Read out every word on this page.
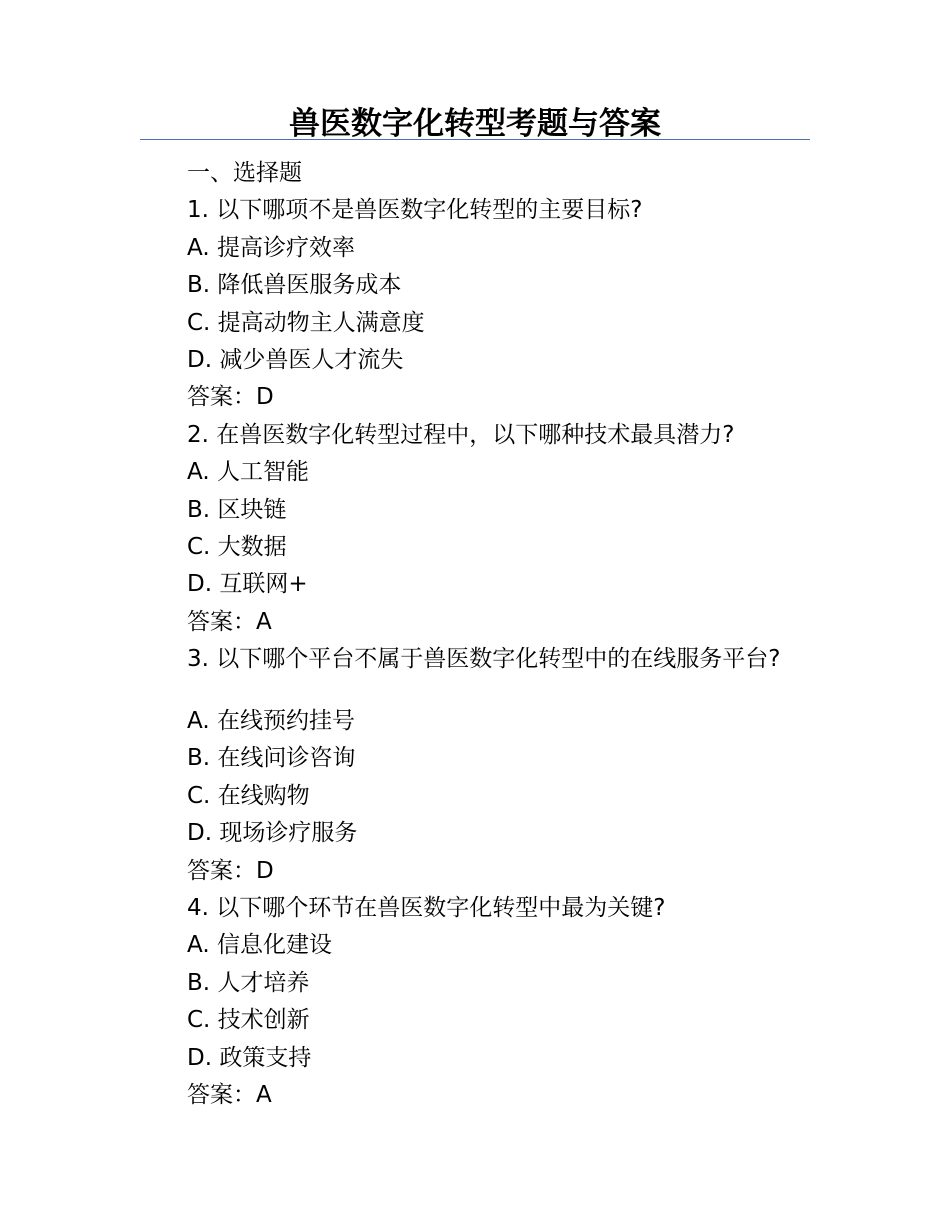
兽医数字化转型考题与答案
一、选择题
1. 以下哪项不是兽医数字化转型的主要目标?
A. 提高诊疗效率
B. 降低兽医服务成本
C. 提高动物主人满意度
D. 减少兽医人才流失
答案：D
2. 在兽医数字化转型过程中，以下哪种技术最具潜力?
A. 人工智能
B. 区块链
C. 大数据
D. 互联网+
答案：A
3. 以下哪个平台不属于兽医数字化转型中的在线服务平台?
A. 在线预约挂号
B. 在线问诊咨询
C. 在线购物
D. 现场诊疗服务
答案：D
4. 以下哪个环节在兽医数字化转型中最为关键?
A. 信息化建设
B. 人才培养
C. 技术创新
D. 政策支持
答案：A
